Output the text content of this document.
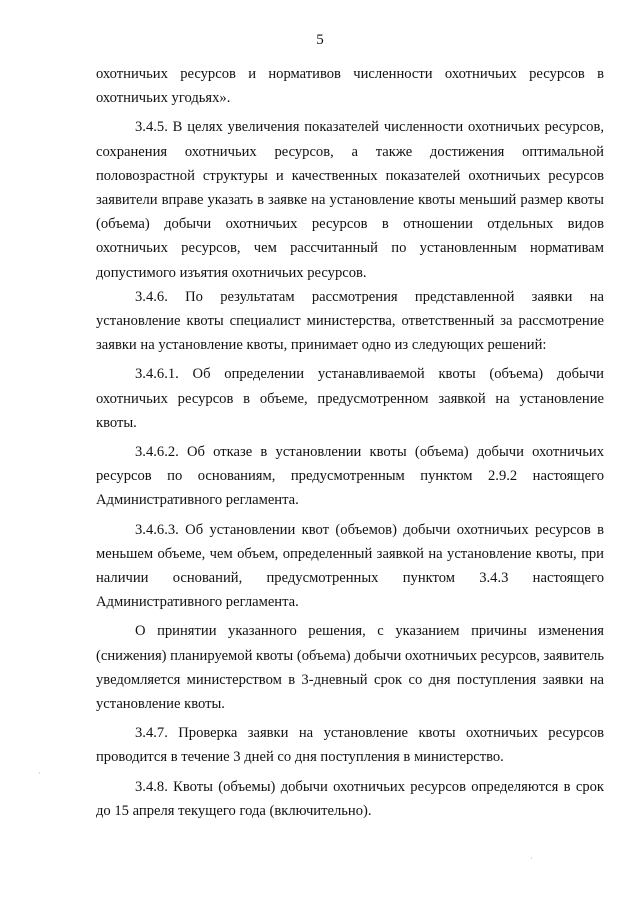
5

охотничьих ресурсов и нормативов численности охотничьих ресурсов в охотничьих угодьях».

3.4.5. В целях увеличения показателей численности охотничьих ресурсов, сохранения охотничьих ресурсов, а также достижения оптимальной половозрастной структуры и качественных показателей охотничьих ресурсов заявители вправе указать в заявке на установление квоты меньший размер квоты (объема) добычи охотничьих ресурсов в отношении отдельных видов охотничьих ресурсов, чем рассчитанный по установленным нормативам допустимого изъятия охотничьих ресурсов.

3.4.6. По результатам рассмотрения представленной заявки на установление квоты специалист министерства, ответственный за рассмотрение заявки на установление квоты, принимает одно из следующих решений:

3.4.6.1. Об определении устанавливаемой квоты (объема) добычи охотничьих ресурсов в объеме, предусмотренном заявкой на установление квоты.

3.4.6.2. Об отказе в установлении квоты (объема) добычи охотничьих ресурсов по основаниям, предусмотренным пунктом 2.9.2 настоящего Административного регламента.

3.4.6.3. Об установлении квот (объемов) добычи охотничьих ресурсов в меньшем объеме, чем объем, определенный заявкой на установление квоты, при наличии оснований, предусмотренных пунктом 3.4.3 настоящего Административного регламента.

О принятии указанного решения, с указанием причины изменения (снижения) планируемой квоты (объема) добычи охотничьих ресурсов, заявитель уведомляется министерством в 3-дневный срок со дня поступления заявки на установление квоты.

3.4.7. Проверка заявки на установление квоты охотничьих ресурсов проводится в течение 3 дней со дня поступления в министерство.

3.4.8. Квоты (объемы) добычи охотничьих ресурсов определяются в срок до 15 апреля текущего года (включительно).

·
·
